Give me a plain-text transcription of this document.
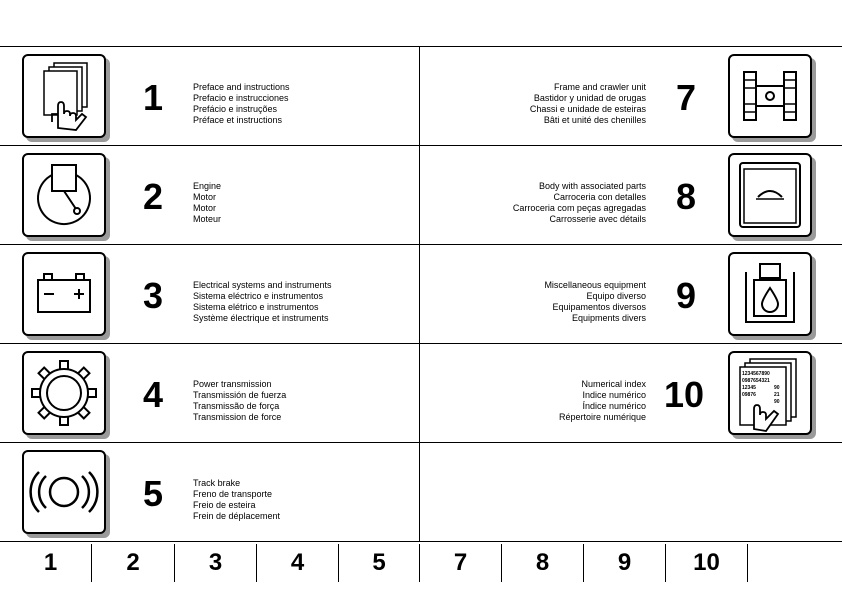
1	Preface and instructions
Prefacio e instrucciones
Prefácio e instruções
Préface et instructions
2	Engine
Motor
Motor
Moteur
3	Electrical systems and instruments
Sistema eléctrico e instrumentos
Sistema elétrico e instrumentos
Système électrique et instruments
4	Power transmission
Transmissión de fuerza
Transmissão de força
Transmission de force
5	Track brake
Freno de transporte
Freio de esteira
Frein de déplacement
Frame and crawler unit
Bastidor y unidad de orugas
Chassi e unidade de esteiras
Bâti et unité des chenilles
7
Body with associated parts
Carroceria con detalles
Carroceria com peças agregadas
Carrosserie avec détails
8
Miscellaneous equipment
Equipo diverso
Equipamentos diversos
Equipments divers
9
Numerical index
Indice numérico
Índice numérico
Répertoire numérique
10	1234567890
0987654321
12345	90
09876	21
90
1	2	3	4	5	7	8	9	10
